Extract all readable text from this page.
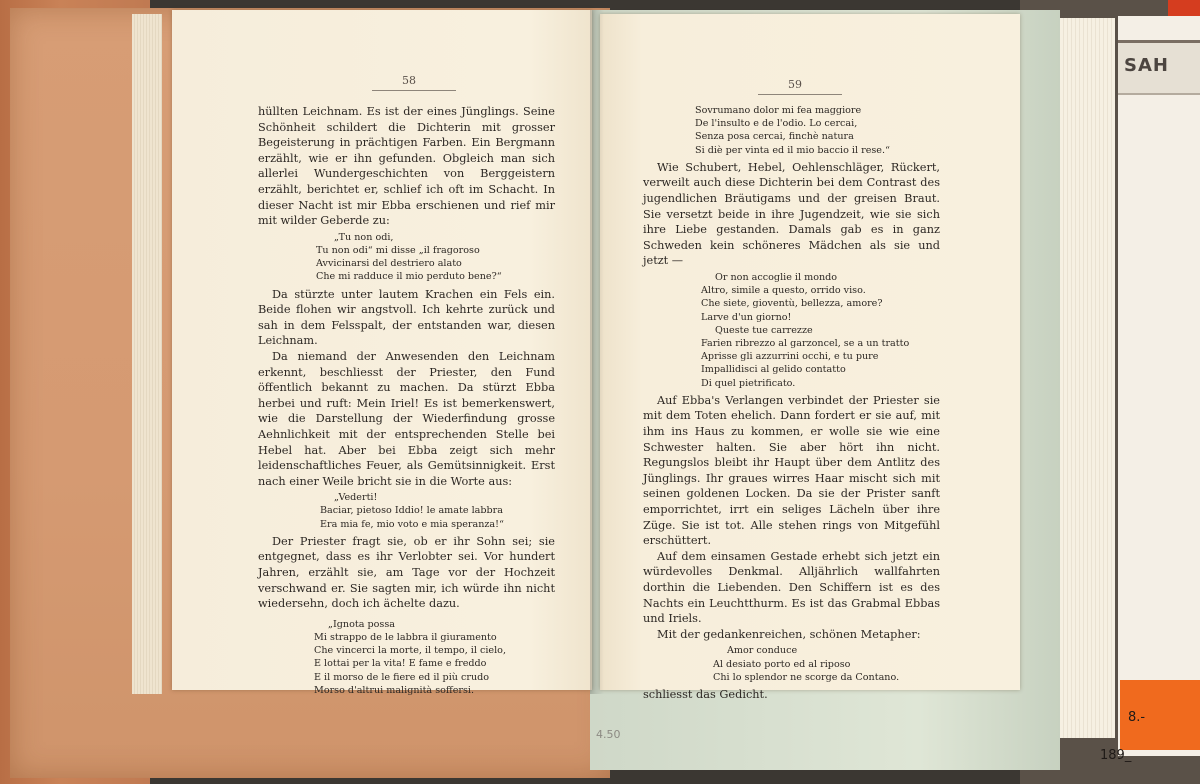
SAH
8.-
189_
58

hüllten Leichnam. Es ist der eines Jünglings. Seine Schönheit schildert die Dichterin mit grosser Begeisterung in prächtigen Farben. Ein Bergmann erzählt, wie er ihn gefunden. Obgleich man sich allerlei Wundergeschichten von Berggeistern erzählt, berichtet er, schlief ich oft im Schacht. In dieser Nacht ist mir Ebba erschienen und rief mir mit wilder Geberde zu:

„Tu non odi,
Tu non odi“ mi disse „il fragoroso
Avvicinarsi del destriero alato
Che mi radduce il mio perduto bene?“

Da stürzte unter lautem Krachen ein Fels ein. Beide flohen wir angstvoll. Ich kehrte zurück und sah in dem Felsspalt, der entstanden war, diesen Leichnam.

Da niemand der Anwesenden den Leichnam erkennt, beschliesst der Priester, den Fund öffentlich bekannt zu machen. Da stürzt Ebba herbei und ruft: Mein Iriel! Es ist bemerkenswert, wie die Darstellung der Wiederfindung grosse Aehnlichkeit mit der entsprechenden Stelle bei Hebel hat. Aber bei Ebba zeigt sich mehr leidenschaftliches Feuer, als Gemütsinnigkeit. Erst nach einer Weile bricht sie in die Worte aus:

„Vederti!
Baciar, pietoso Iddio! le amate labbra
Era mia fe, mio voto e mia speranza!“

Der Priester fragt sie, ob er ihr Sohn sei; sie entgegnet, dass es ihr Verlobter sei. Vor hundert Jahren, erzählt sie, am Tage vor der Hochzeit verschwand er. Sie sagten mir, ich würde ihn nicht wiedersehn, doch ich ächelte dazu.

„Ignota possa
Mi strappo de le labbra il giuramento
Che vincerci la morte, il tempo, il cielo,
E lottai per la vita! E fame e freddo
E il morso de le fiere ed il più crudo
Morso d'altrui malignità soffersi.
59
Sovrumano dolor mi fea maggiore
De l'insulto e de l'odio. Lo cercai,
Senza posa cercai, finchè natura
Si diè per vinta ed il mio baccio il rese.“

Wie Schubert, Hebel, Oehlenschläger, Rückert, verweilt auch diese Dichterin bei dem Contrast des jugendlichen Bräutigams und der greisen Braut. Sie versetzt beide in ihre Jugendzeit, wie sie sich ihre Liebe gestanden. Damals gab es in ganz Schweden kein schöneres Mädchen als sie und jetzt —

Or non accoglie il mondo
Altro, simile a questo, orrido viso.
Che siete, gioventù, bellezza, amore?
Larve d'un giorno!
Queste tue carrezze
Farien ribrezzo al garzoncel, se a un tratto
Aprisse gli azzurrini occhi, e tu pure
Impallidisci al gelido contatto
Di quel pietrificato.

Auf Ebba's Verlangen verbindet der Priester sie mit dem Toten ehelich. Dann fordert er sie auf, mit ihm ins Haus zu kommen, er wolle sie wie eine Schwester halten. Sie aber hört ihn nicht. Regungslos bleibt ihr Haupt über dem Antlitz des Jünglings. Ihr graues wirres Haar mischt sich mit seinen goldenen Locken. Da sie der Prister sanft emporrichtet, irrt ein seliges Lächeln über ihre Züge. Sie ist tot. Alle stehen rings von Mitgefühl erschüttert.

Auf dem einsamen Gestade erhebt sich jetzt ein würdevolles Denkmal. Alljährlich wallfahrten dorthin die Liebenden. Den Schiffern ist es des Nachts ein Leuchtthurm. Es ist das Grabmal Ebbas und Iriels.

Mit der gedankenreichen, schönen Metapher:

Amor conduce
Al desiato porto ed al riposo
Chi lo splendor ne scorge da Contano.

schliesst das Gedicht.

4.50
